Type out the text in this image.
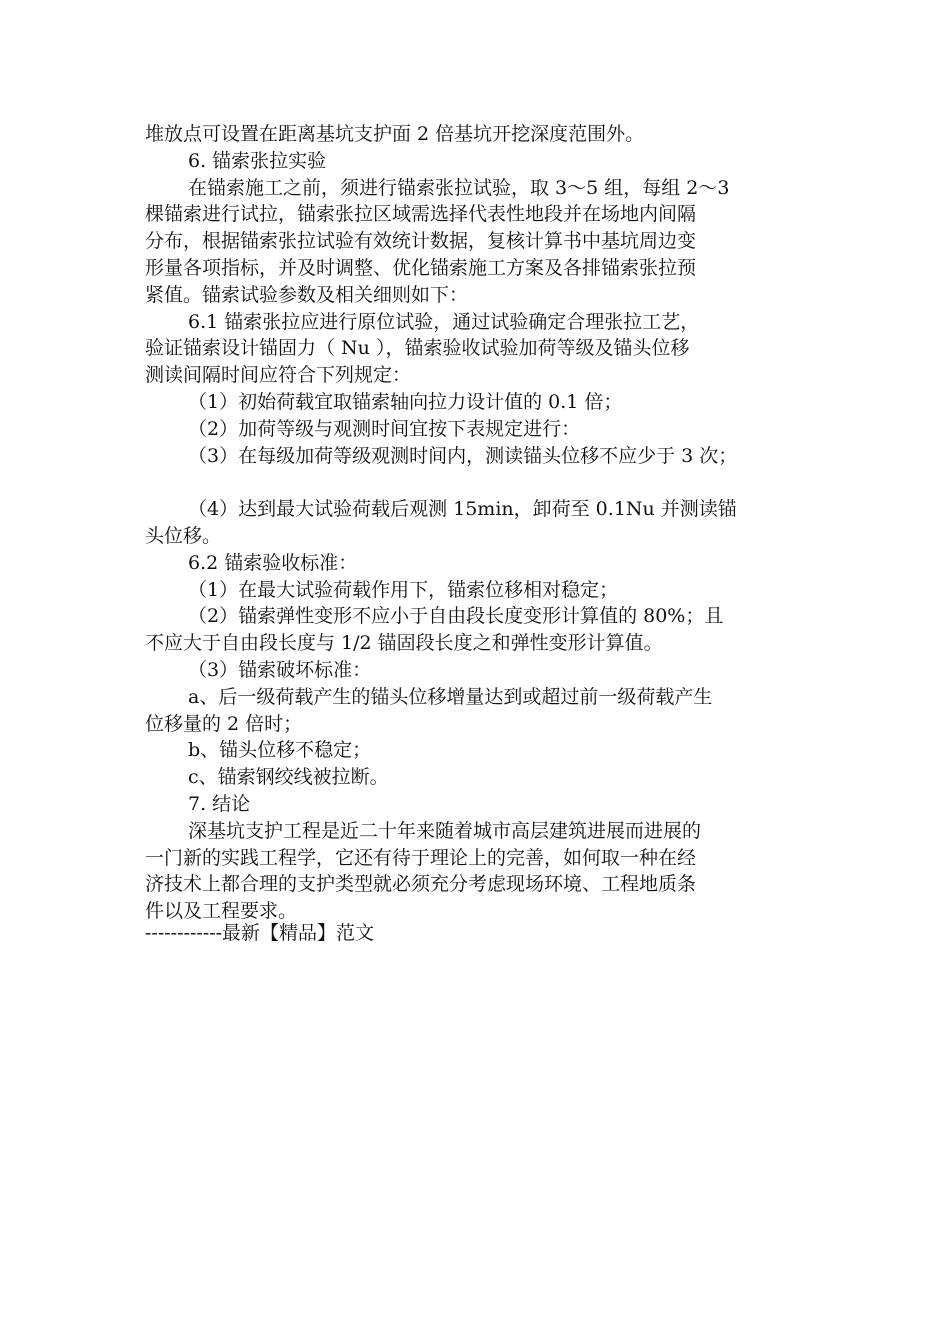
堆放点可设置在距离基坑支护面 2 倍基坑开挖深度范围外。
6. 锚索张拉实验
在锚索施工之前，须进行锚索张拉试验，取 3～5 组，每组 2～3
棵锚索进行试拉，锚索张拉区域需选择代表性地段并在场地内间隔
分布，根据锚索张拉试验有效统计数据，复核计算书中基坑周边变
形量各项指标，并及时调整、优化锚索施工方案及各排锚索张拉预
紧值。锚索试验参数及相关细则如下：
6.1 锚索张拉应进行原位试验，通过试验确定合理张拉工艺，
验证锚索设计锚固力（ Nu ），锚索验收试验加荷等级及锚头位移
测读间隔时间应符合下列规定：
（1）初始荷载宜取锚索轴向拉力设计值的 0.1 倍；
（2）加荷等级与观测时间宜按下表规定进行：
（3）在每级加荷等级观测时间内，测读锚头位移不应少于 3 次；
（4）达到最大试验荷载后观测 15min，卸荷至 0.1Nu 并测读锚
头位移。
6.2 锚索验收标准：
（1）在最大试验荷载作用下，锚索位移相对稳定；
（2）锚索弹性变形不应小于自由段长度变形计算值的 80%；且
不应大于自由段长度与 1/2 锚固段长度之和弹性变形计算值。
（3）锚索破坏标准：
a、后一级荷载产生的锚头位移增量达到或超过前一级荷载产生
位移量的 2 倍时；
b、锚头位移不稳定；
c、锚索钢绞线被拉断。
7. 结论
深基坑支护工程是近二十年来随着城市高层建筑进展而进展的
一门新的实践工程学，它还有待于理论上的完善，如何取一种在经
济技术上都合理的支护类型就必须充分考虑现场环境、工程地质条
件以及工程要求。
------------最新【精品】范文
